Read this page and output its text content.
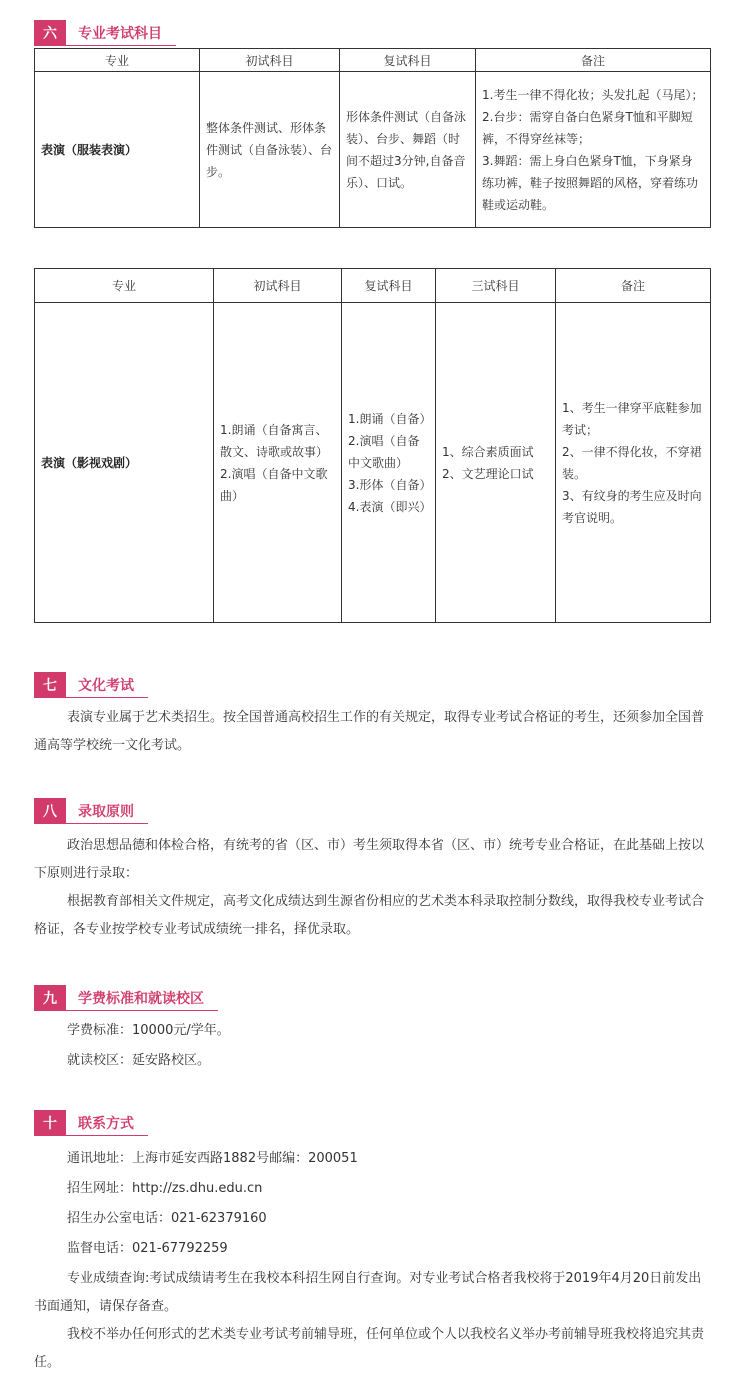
六	专业考试科目
专业	初试科目	复试科目	备注
表演（服装表演）	整体条件测试、形体条件测试（自备泳装）、台步。	形体条件测试（自备泳装）、台步、舞蹈（时间不超过3分钟,自备音乐）、口试。	1.考生一律不得化妆；头发扎起（马尾）；
2.台步：需穿自备白色紧身T恤和平脚短裤，不得穿丝袜等；
3.舞蹈：需上身白色紧身T恤，下身紧身练功裤，鞋子按照舞蹈的风格，穿着练功鞋或运动鞋。
专业	初试科目	复试科目	三试科目	备注
表演（影视戏剧）	1.朗诵（自备寓言、散文、诗歌或故事）
2.演唱（自备中文歌曲）	1.朗诵（自备）
2.演唱（自备中文歌曲）
3.形体（自备）
4.表演（即兴）	1、综合素质面试
2、文艺理论口试	1、考生一律穿平底鞋参加考试；
2、一律不得化妆，不穿裙装。
3、有纹身的考生应及时向考官说明。
七	文化考试

表演专业属于艺术类招生。按全国普通高校招生工作的有关规定，取得专业考试合格证的考生，还须参加全国普通高等学校统一文化考试。

八	录取原则

政治思想品德和体检合格，有统考的省（区、市）考生须取得本省（区、市）统考专业合格证，在此基础上按以下原则进行录取：

根据教育部相关文件规定，高考文化成绩达到生源省份相应的艺术类本科录取控制分数线，取得我校专业考试合格证，各专业按学校专业考试成绩统一排名，择优录取。

九	学费标准和就读校区
学费标准：10000元/学年。
就读校区：延安路校区。
十	联系方式
通讯地址：上海市延安西路1882号邮编：200051
招生网址：http://zs.dhu.edu.cn
招生办公室电话：021-62379160
监督电话：021-67792259

专业成绩查询:考试成绩请考生在我校本科招生网自行查询。对专业考试合格者我校将于2019年4月20日前发出书面通知，请保存备查。

我校不举办任何形式的艺术类专业考试考前辅导班，任何单位或个人以我校名义举办考前辅导班我校将追究其责任。
